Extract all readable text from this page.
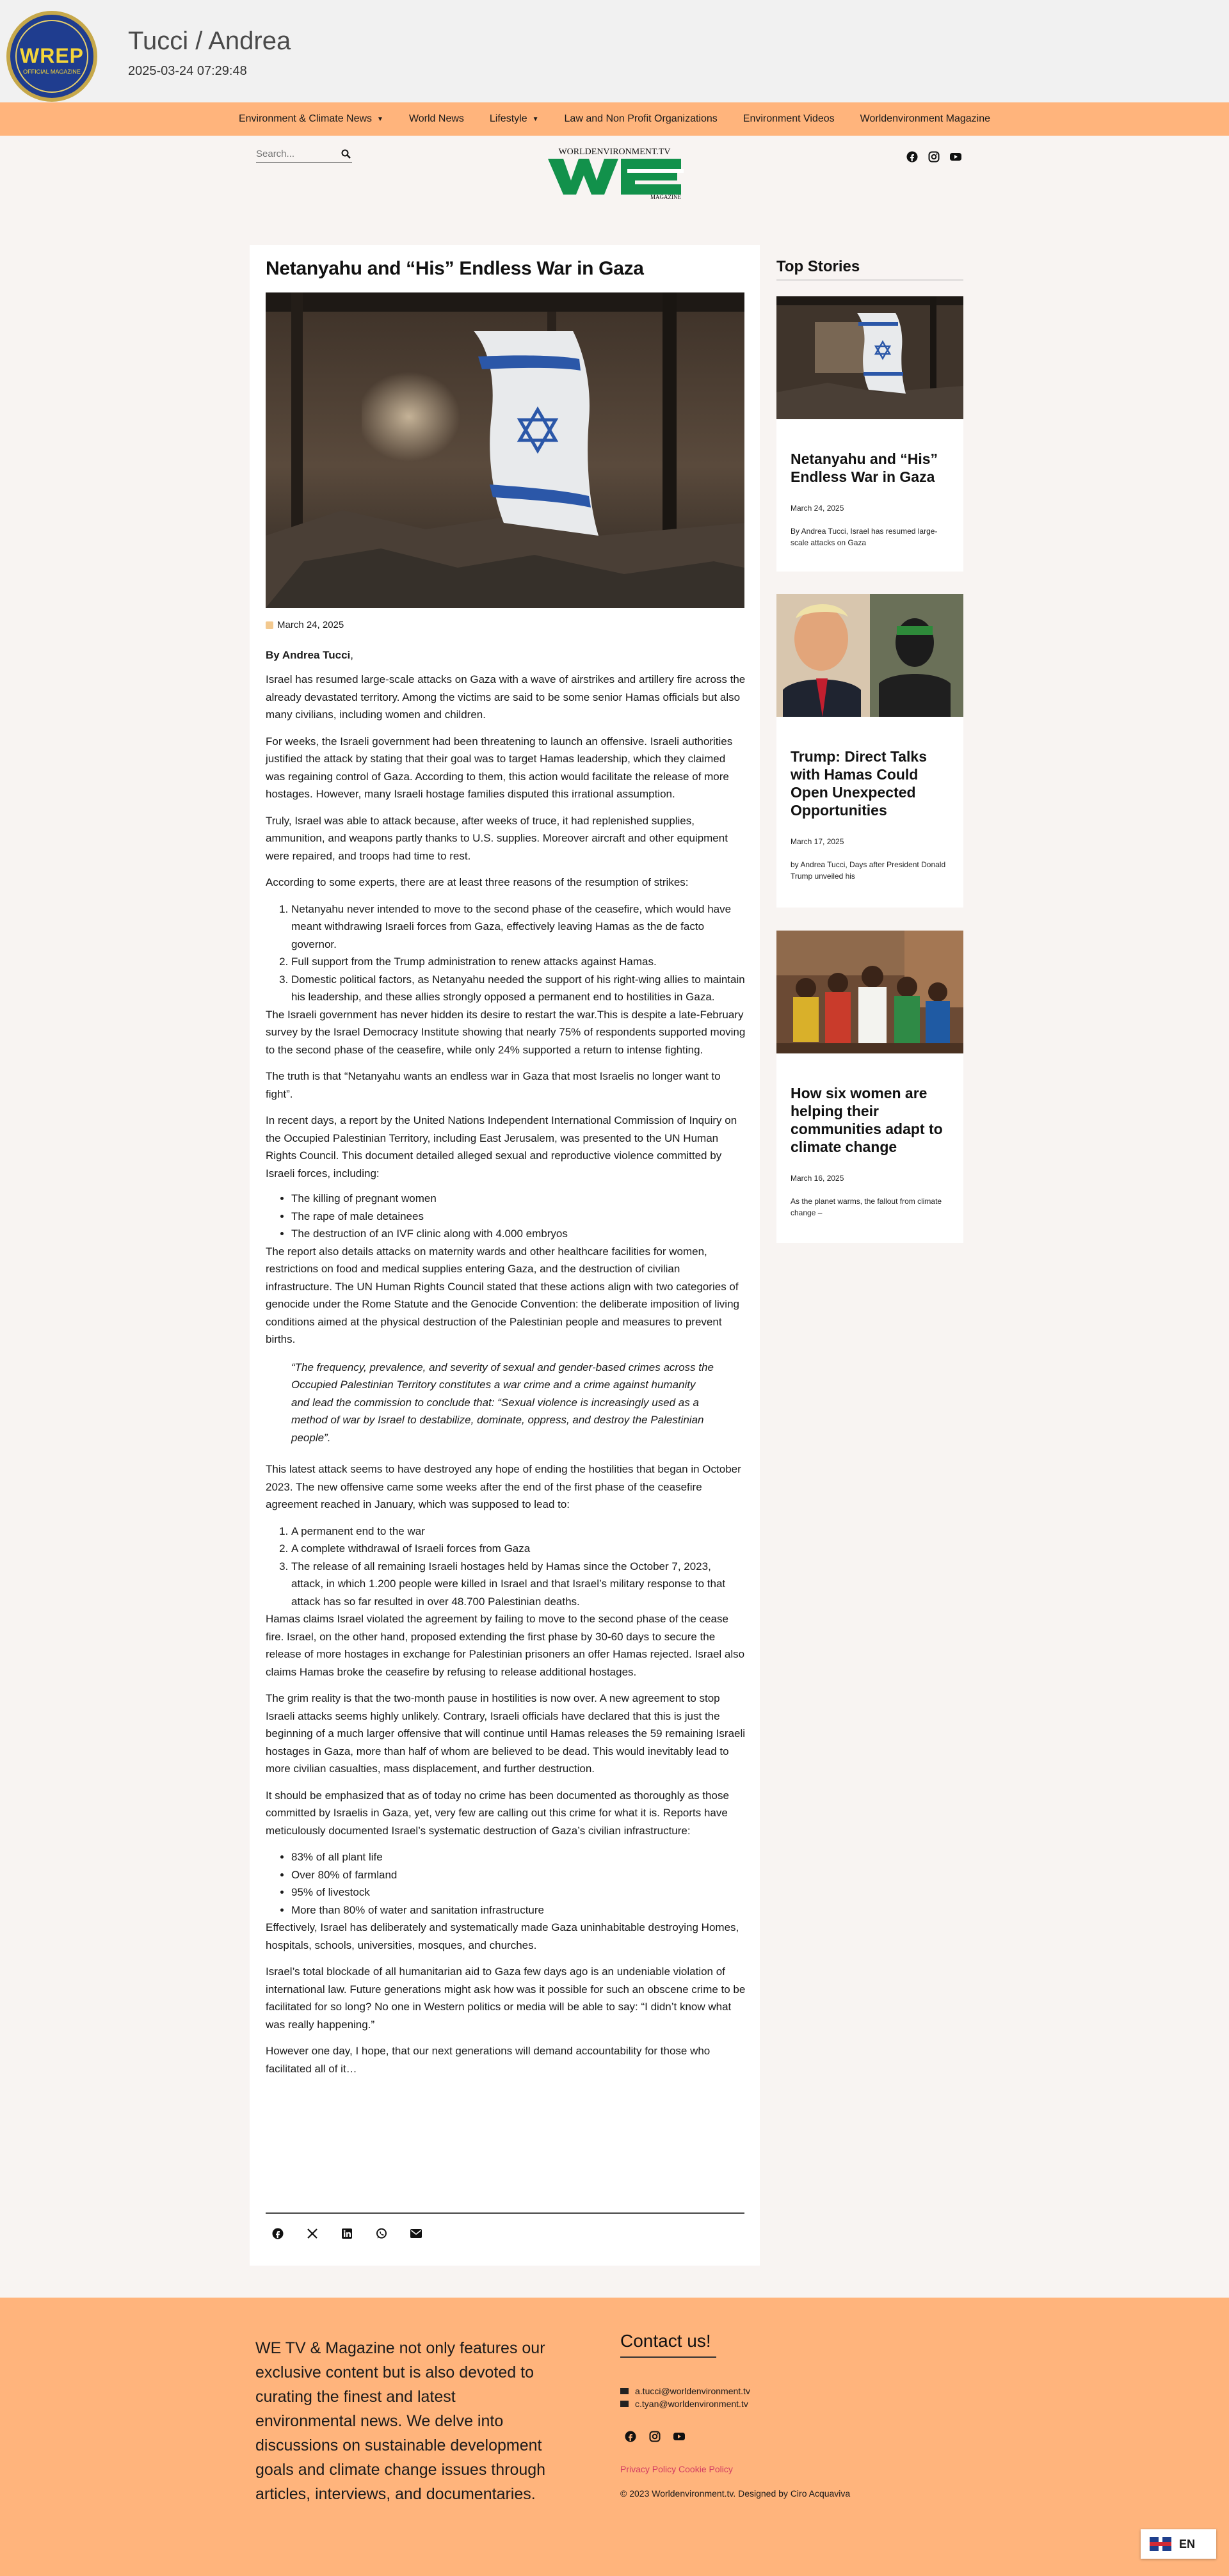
WREP
OFFICIAL MAGAZINE
Tucci / Andrea
2025-03-24 07:29:48
Environment & Climate News ▼	World News	Lifestyle ▼	Law and Non Profit Organizations	Environment Videos	Worldenvironment Magazine
Search...
WORLDENVIRONMENT.TV
MAGAZINE
Netanyahu and “His” Endless War in Gaza
March 24, 2025
By Andrea Tucci,

Israel has resumed large-scale attacks on Gaza with a wave of airstrikes and artillery fire across the already devastated territory. Among the victims are said to be some senior Hamas officials but also many civilians, including women and children.

For weeks, the Israeli government had been threatening to launch an offensive. Israeli authorities justified the attack by stating that their goal was to target Hamas leadership, which they claimed was regaining control of Gaza. According to them, this action would facilitate the release of more hostages. However, many Israeli hostage families disputed this irrational assumption.

Truly, Israel was able to attack because, after weeks of truce, it had replenished supplies, ammunition, and weapons partly thanks to U.S. supplies. Moreover aircraft and other equipment were repaired, and troops had time to rest.

According to some experts, there are at least three reasons of the resumption of strikes:

1. Netanyahu never intended to move to the second phase of the ceasefire, which would have meant withdrawing Israeli forces from Gaza, effectively leaving Hamas as the de facto governor.
2. Full support from the Trump administration to renew attacks against Hamas.
3. Domestic political factors, as Netanyahu needed the support of his right-wing allies to maintain his leadership, and these allies strongly opposed a permanent end to hostilities in Gaza.

The Israeli government has never hidden its desire to restart the war.This is despite a late-February survey by the Israel Democracy Institute showing that nearly 75% of respondents supported moving to the second phase of the ceasefire, while only 24% supported a return to intense fighting.

The truth is that “Netanyahu wants an endless war in Gaza that most Israelis no longer want to fight”.

In recent days, a report by the United Nations Independent International Commission of Inquiry on the Occupied Palestinian Territory, including East Jerusalem, was presented to the UN Human Rights Council. This document detailed alleged sexual and reproductive violence committed by Israeli forces, including:

• The killing of pregnant women
• The rape of male detainees
• The destruction of an IVF clinic along with 4.000 embryos

The report also details attacks on maternity wards and other healthcare facilities for women, restrictions on food and medical supplies entering Gaza, and the destruction of civilian infrastructure. The UN Human Rights Council stated that these actions align with two categories of genocide under the Rome Statute and the Genocide Convention: the deliberate imposition of living conditions aimed at the physical destruction of the Palestinian people and measures to prevent births.

“The frequency, prevalence, and severity of sexual and gender-based crimes across the Occupied Palestinian Territory constitutes a war crime and a crime against humanity and lead the commission to conclude that: “Sexual violence is increasingly used as a method of war by Israel to destabilize, dominate, oppress, and destroy the Palestinian people”.

This latest attack seems to have destroyed any hope of ending the hostilities that began in October 2023. The new offensive came some weeks after the end of the first phase of the ceasefire agreement reached in January, which was supposed to lead to:

1. A permanent end to the war
2. A complete withdrawal of Israeli forces from Gaza
3. The release of all remaining Israeli hostages held by Hamas since the October 7, 2023, attack, in which 1.200 people were killed in Israel and that Israel’s military response to that attack has so far resulted in over 48.700 Palestinian deaths.

Hamas claims Israel violated the agreement by failing to move to the second phase of the cease fire. Israel, on the other hand, proposed extending the first phase by 30-60 days to secure the release of more hostages in exchange for Palestinian prisoners an offer Hamas rejected. Israel also claims Hamas broke the ceasefire by refusing to release additional hostages.

The grim reality is that the two-month pause in hostilities is now over. A new agreement to stop Israeli attacks seems highly unlikely. Contrary, Israeli officials have declared that this is just the beginning of a much larger offensive that will continue until Hamas releases the 59 remaining Israeli hostages in Gaza, more than half of whom are believed to be dead. This would inevitably lead to more civilian casualties, mass displacement, and further destruction.

It should be emphasized that as of today no crime has been documented as thoroughly as those committed by Israelis in Gaza, yet, very few are calling out this crime for what it is. Reports have meticulously documented Israel’s systematic destruction of Gaza’s civilian infrastructure:

• 83% of all plant life
• Over 80% of farmland
• 95% of livestock
• More than 80% of water and sanitation infrastructure

Effectively, Israel has deliberately and systematically made Gaza uninhabitable destroying Homes, hospitals, schools, universities, mosques, and churches.

Israel’s total blockade of all humanitarian aid to Gaza few days ago is an undeniable violation of international law. Future generations might ask how was it possible for such an obscene crime to be facilitated for so long? No one in Western politics or media will be able to say: “I didn’t know what was really happening.”

However one day, I hope, that our next generations will demand accountability for those who facilitated all of it…

Top Stories
Netanyahu and “His” Endless War in Gaza
March 24, 2025
By Andrea Tucci, Israel has resumed large-scale attacks on Gaza
Trump: Direct Talks with Hamas Could Open Unexpected Opportunities
March 17, 2025
by Andrea Tucci, Days after President Donald Trump unveiled his
How six women are helping their communities adapt to climate change
March 16, 2025
As the planet warms, the fallout from climate change –
WE TV & Magazine not only features our exclusive content but is also devoted to curating the finest and latest environmental news. We delve into discussions on sustainable development goals and climate change issues through articles, interviews, and documentaries.
Contact us!
a.tucci@worldenvironment.tv
c.tyan@worldenvironment.tv
Privacy Policy Cookie Policy
© 2023 Worldenvironment.tv. Designed by Ciro Acquaviva
EN
